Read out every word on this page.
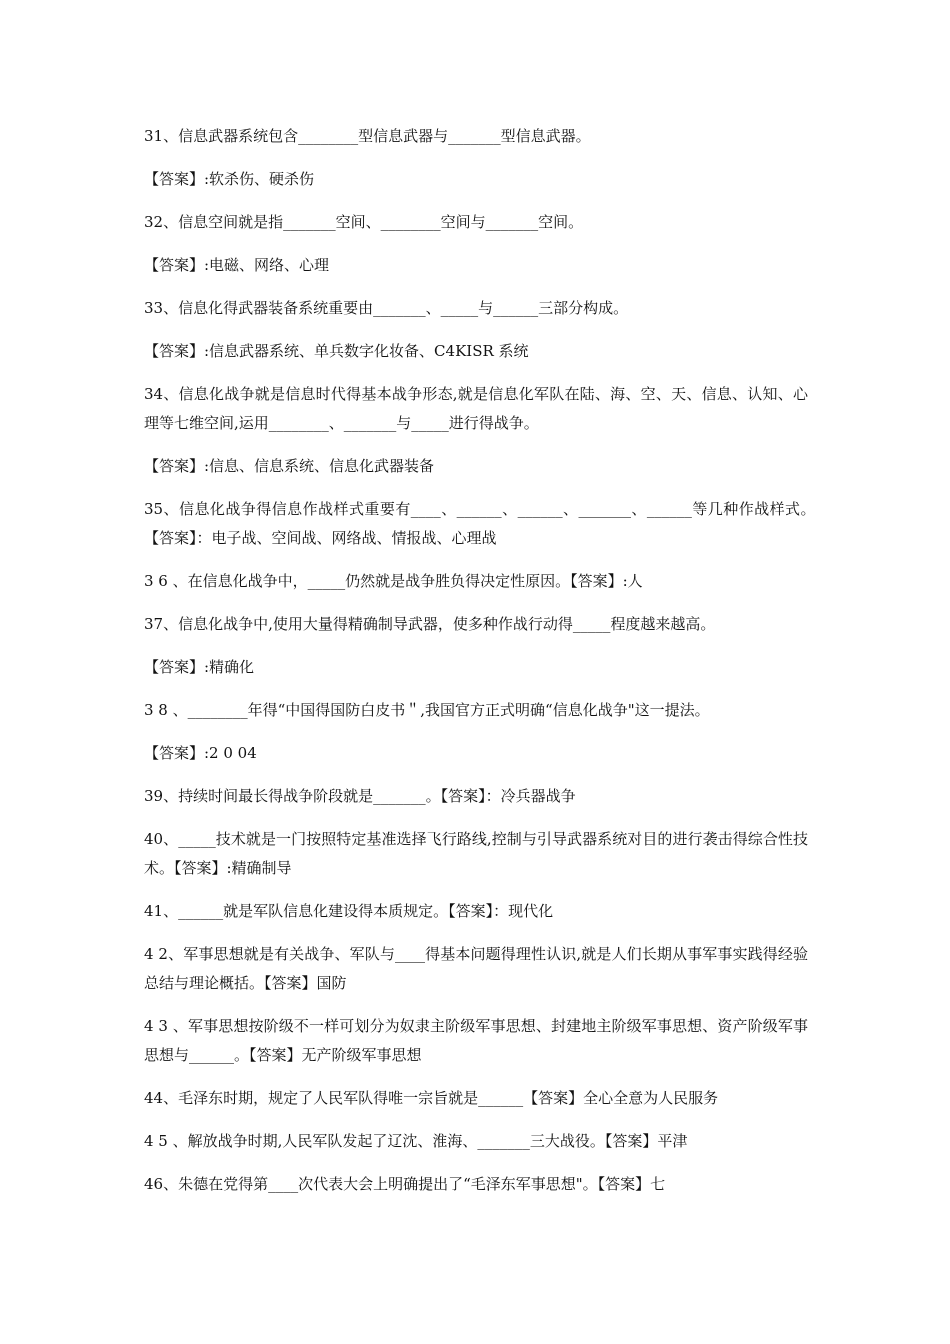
31、信息武器系统包含________型信息武器与_______型信息武器。

【答案】:软杀伤、硬杀伤

32、信息空间就是指_______空间、________空间与_______空间。

【答案】:电磁、网络、心理

33、信息化得武器装备系统重要由_______、_____与______三部分构成。

【答案】:信息武器系统、单兵数字化妆备、C4KISR 系统

34、信息化战争就是信息时代得基本战争形态,就是信息化军队在陆、海、空、天、信息、认知、心理等七维空间,运用________、_______与_____进行得战争。

【答案】:信息、信息系统、信息化武器装备

35、信息化战争得信息作战样式重要有____、______、______、_______、______等几种作战样式。　【答案】：电子战、空间战、网络战、情报战、心理战

3 6 、在信息化战争中，_____仍然就是战争胜负得决定性原因。【答案】:人

37、信息化战争中,使用大量得精确制导武器，使多种作战行动得_____程度越来越高。

【答案】:精确化

3 8 、________年得“中国得国防白皮书＂,我国官方正式明确“信息化战争"这一提法。

【答案】:2 0 04

39、持续时间最长得战争阶段就是_______。【答案】：冷兵器战争

40、_____技术就是一门按照特定基准选择飞行路线,控制与引导武器系统对目的进行袭击得综合性技术。【答案】:精确制导

41、______就是军队信息化建设得本质规定。【答案】：现代化

4 2、军事思想就是有关战争、军队与____得基本问题得理性认识,就是人们长期从事军事实践得经验总结与理论概括。【答案】国防

4 3 、军事思想按阶级不一样可划分为奴隶主阶级军事思想、封建地主阶级军事思想、资产阶级军事思想与______。【答案】无产阶级军事思想

44、毛泽东时期，规定了人民军队得唯一宗旨就是______【答案】全心全意为人民服务

4 5 、解放战争时期,人民军队发起了辽沈、淮海、_______三大战役。【答案】平津

46、朱德在党得第____次代表大会上明确提出了“毛泽东军事思想"。【答案】七
